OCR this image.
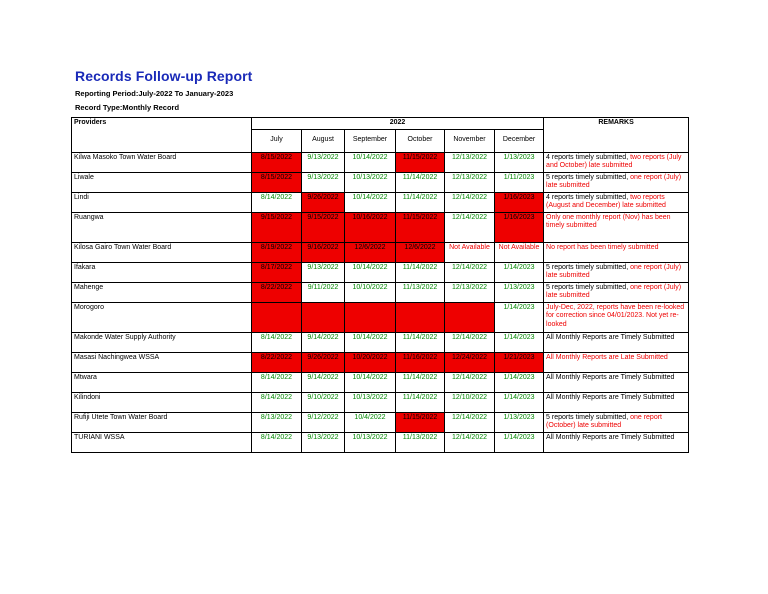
Records Follow-up Report
Reporting Period:July-2022 To January-2023
Record Type:Monthly Record
Providers	2022						REMARKS
	July	August	September	October	November	December	
Kilwa Masoko Town Water Board	8/15/2022	9/13/2022	10/14/2022	11/15/2022	12/13/2022	1/13/2023	4 reports timely submitted, two reports (July and October) late submitted
Liwale	8/15/2022	9/13/2022	10/13/2022	11/14/2022	12/13/2022	1/11/2023	5 reports timely submitted, one report (July) late submitted
Lindi	8/14/2022	9/26/2022	10/14/2022	11/14/2022	12/14/2022	1/16/2023	4 reports timely submitted, two reports (August and December) late submitted
Ruangwa	9/15/2022	9/15/2022	10/16/2022	11/15/2022	12/14/2022	1/16/2023	Only one monthly report (Nov) has been timely submitted
Kilosa Gairo Town Water Board	8/19/2022	9/16/2022	12/6/2022	12/6/2022	Not Available	Not Available	No report has been timely submitted
Ifakara	8/17/2022	9/13/2022	10/14/2022	11/14/2022	12/14/2022	1/14/2023	5 reports timely submitted, one report (July) late submitted
Mahenge	8/22/2022	9/11/2022	10/10/2022	11/13/2022	12/13/2022	1/13/2023	5 reports timely submitted, one report (July) late submitted
Morogoro						1/14/2023	July-Dec, 2022, reports have been re-looked for correction since 04/01/2023. Not yet re-looked
Makonde Water Supply Authority	8/14/2022	9/14/2022	10/14/2022	11/14/2022	12/14/2022	1/14/2023	All Monthly Reports are Timely Submitted
Masasi Nachingwea WSSA	8/22/2022	9/26/2022	10/20/2022	11/16/2022	12/24/2022	1/21/2023	All Monthly Reports are Late Submitted
Mtwara	8/14/2022	9/14/2022	10/14/2022	11/14/2022	12/14/2022	1/14/2023	All Monthly Reports are Timely Submitted
Kilindoni	8/14/2022	9/10/2022	10/13/2022	11/14/2022	12/10/2022	1/14/2023	All Monthly Reports are Timely Submitted
Rufiji Utete Town Water Board	8/13/2022	9/12/2022	10/4/2022	11/15/2022	12/14/2022	1/13/2023	5 reports timely submitted, one report (October) late submitted
TURIANI WSSA	8/14/2022	9/13/2022	10/13/2022	11/13/2022	12/14/2022	1/14/2023	All Monthly Reports are Timely Submitted
